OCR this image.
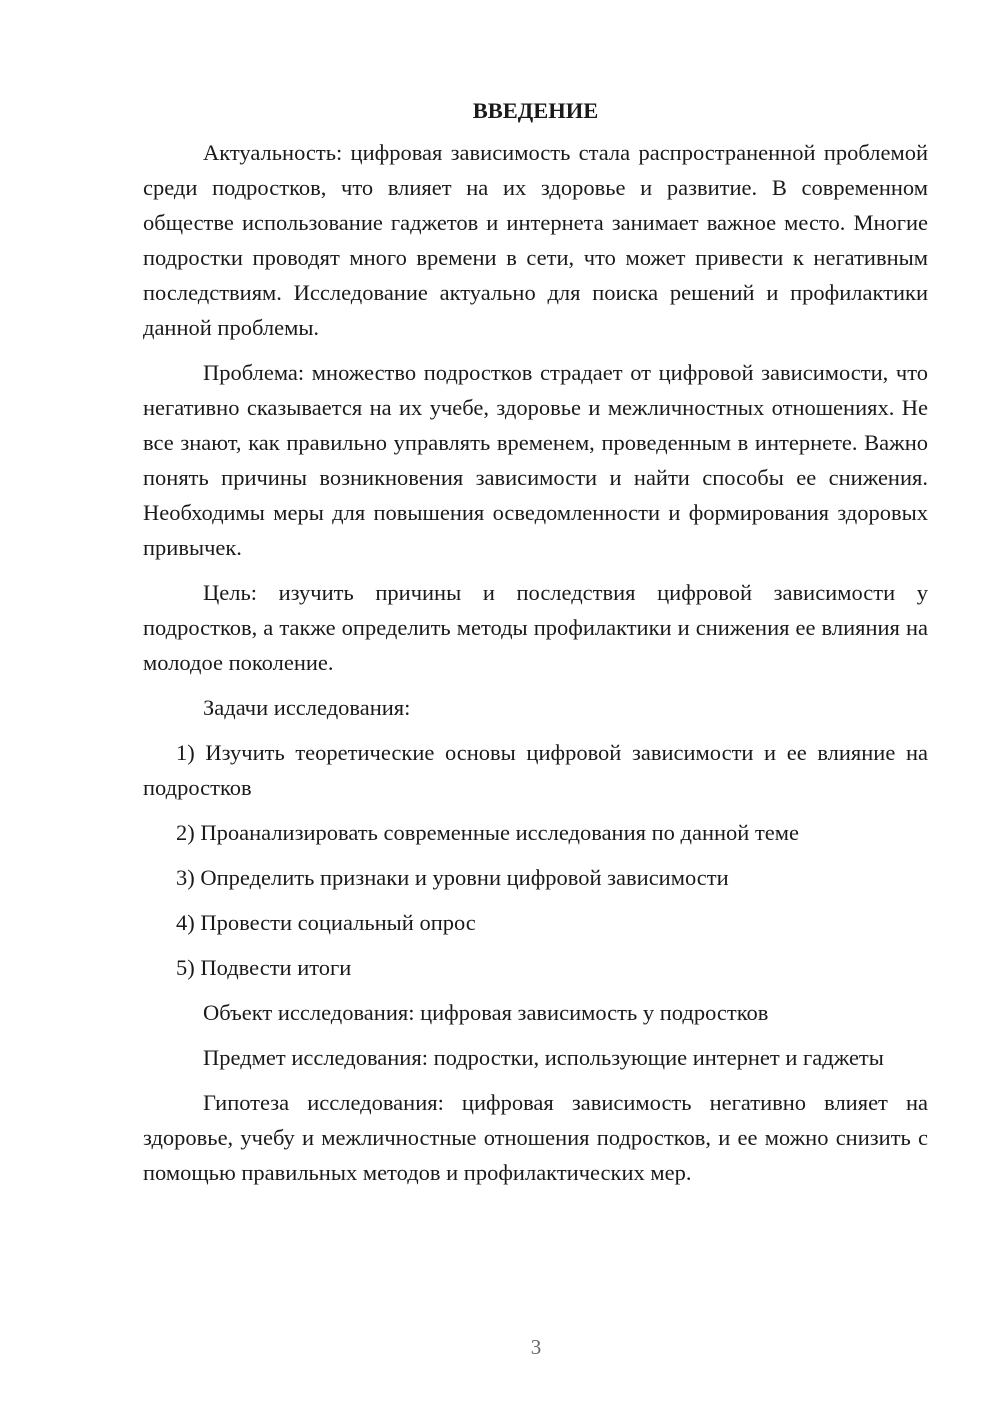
ВВЕДЕНИЕ

Актуальность: цифровая зависимость стала распространенной проблемой среди подростков, что влияет на их здоровье и развитие. В современном обществе использование гаджетов и интернета занимает важное место. Многие подростки проводят много времени в сети, что может привести к негативным последствиям. Исследование актуально для поиска решений и профилактики данной проблемы.

Проблема: множество подростков страдает от цифровой зависимости, что негативно сказывается на их учебе, здоровье и межличностных отношениях. Не все знают, как правильно управлять временем, проведенным в интернете. Важно понять причины возникновения зависимости и найти способы ее снижения. Необходимы меры для повышения осведомленности и формирования здоровых привычек.

Цель: изучить причины и последствия цифровой зависимости у подростков, а также определить методы профилактики и снижения ее влияния на молодое поколение.

Задачи исследования:

1) Изучить теоретические основы цифровой зависимости и ее влияние на подростков

2) Проанализировать современные исследования по данной теме

3) Определить признаки и уровни цифровой зависимости

4) Провести социальный опрос

5) Подвести итоги

Объект исследования: цифровая зависимость у подростков

Предмет исследования: подростки, использующие интернет и гаджеты

Гипотеза исследования: цифровая зависимость негативно влияет на здоровье, учебу и межличностные отношения подростков, и ее можно снизить с помощью правильных методов и профилактических мер.

3
